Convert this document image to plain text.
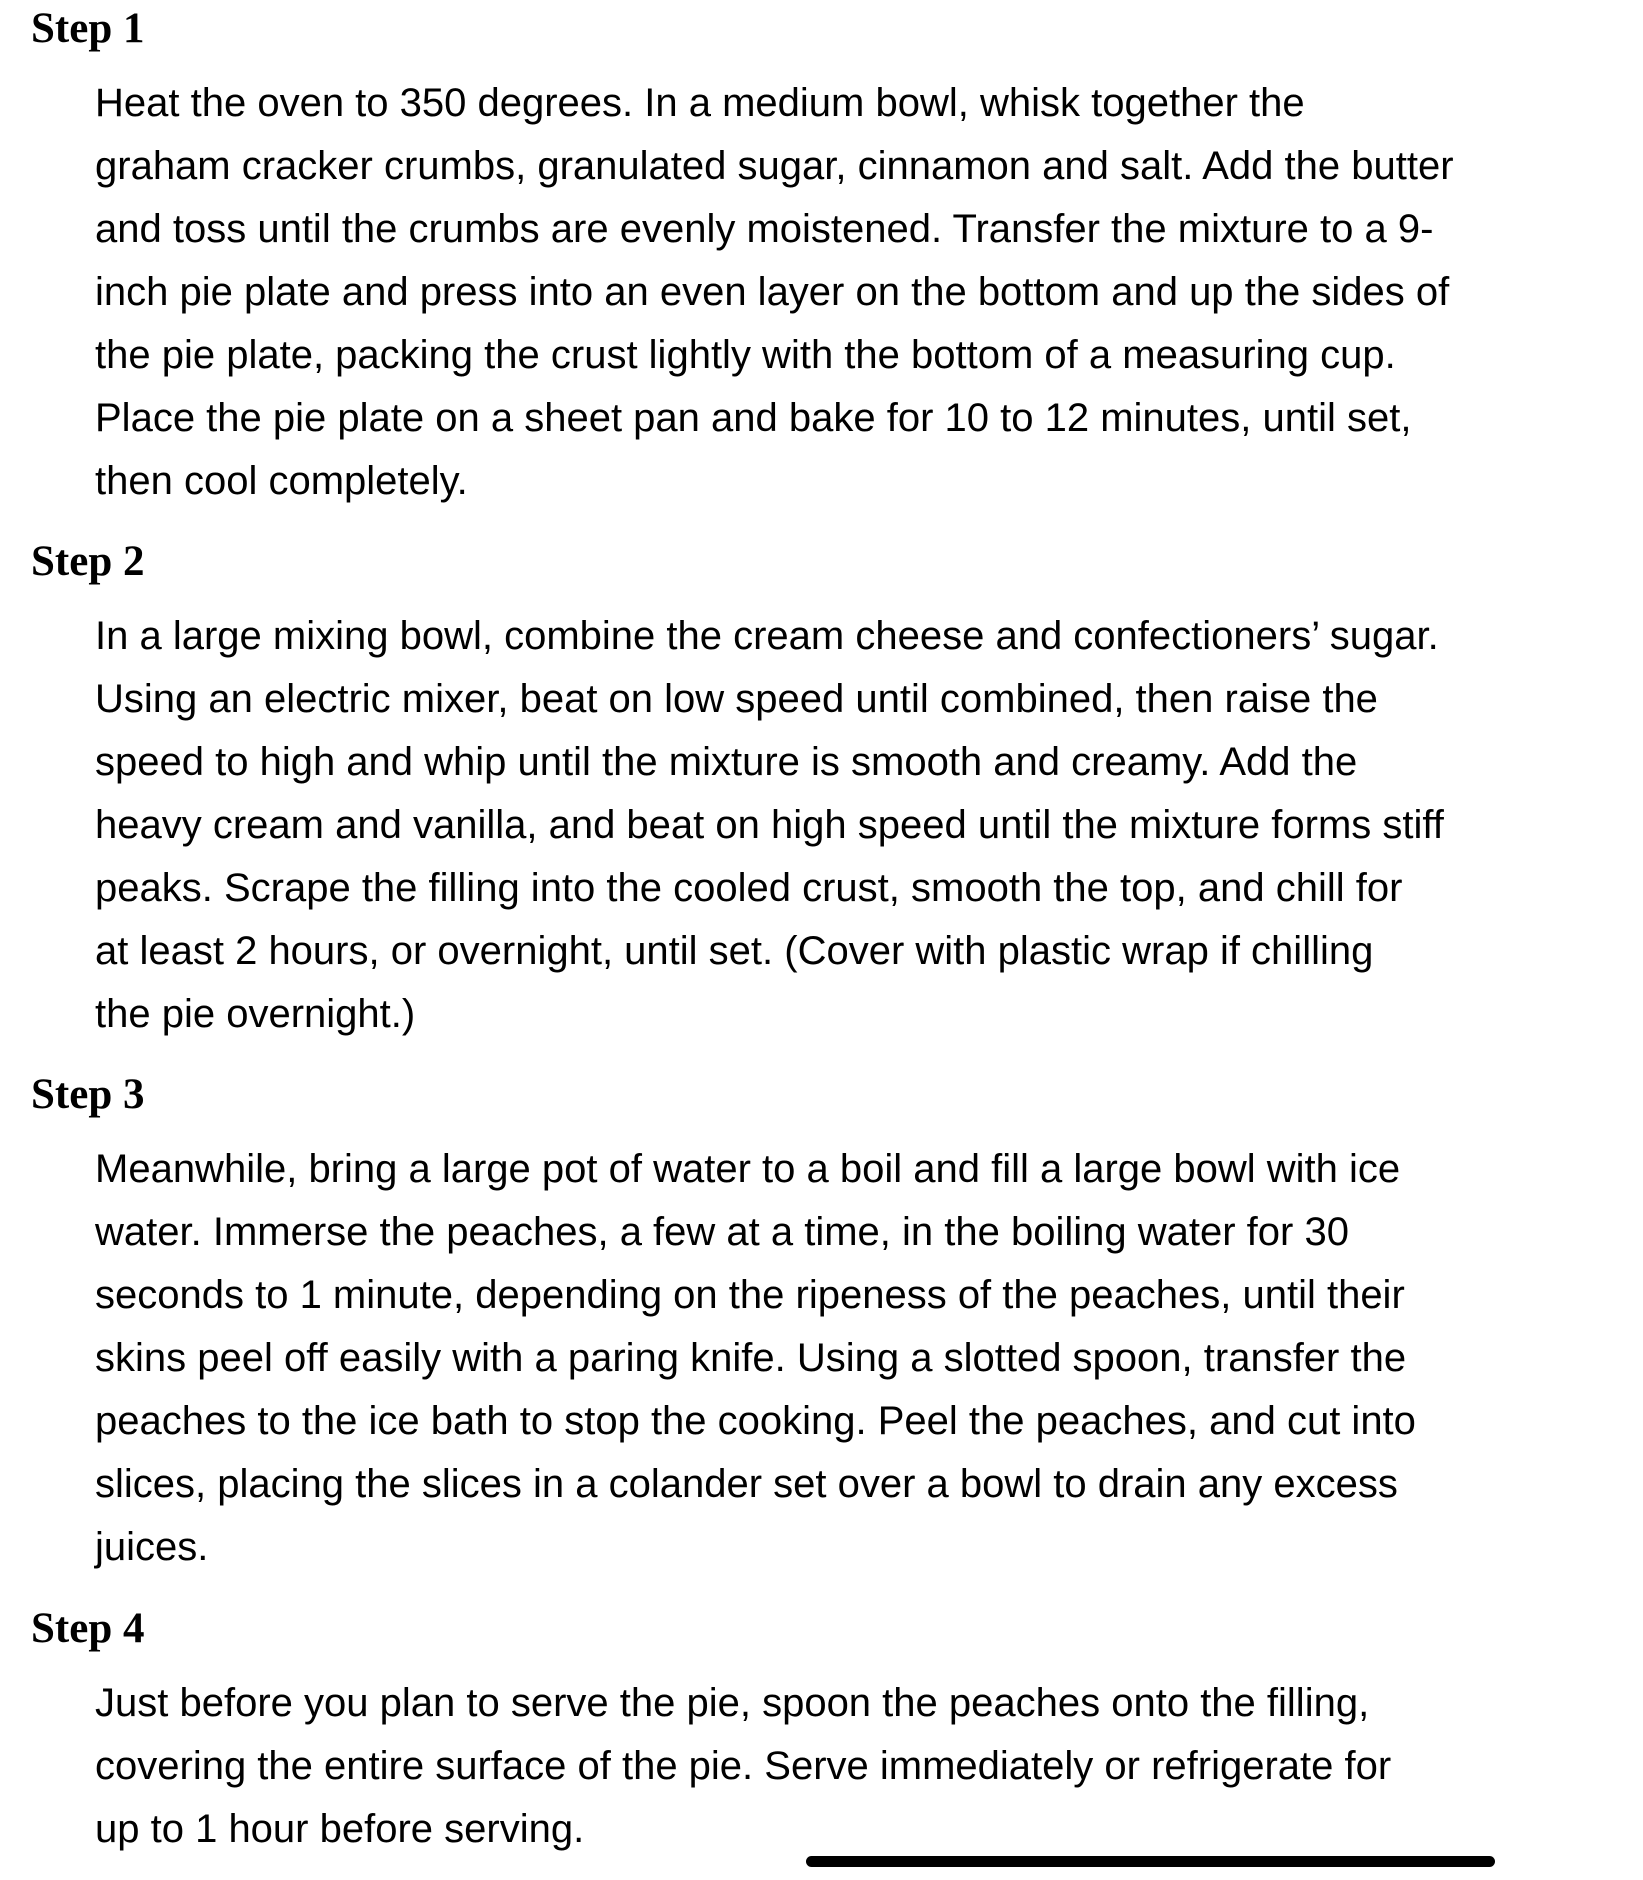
Step 1

Heat the oven to 350 degrees. In a medium bowl, whisk together the
graham cracker crumbs, granulated sugar, cinnamon and salt. Add the butter
and toss until the crumbs are evenly moistened. Transfer the mixture to a 9-
inch pie plate and press into an even layer on the bottom and up the sides of
the pie plate, packing the crust lightly with the bottom of a measuring cup.
Place the pie plate on a sheet pan and bake for 10 to 12 minutes, until set,
then cool completely.

Step 2

In a large mixing bowl, combine the cream cheese and confectioners’ sugar.
Using an electric mixer, beat on low speed until combined, then raise the
speed to high and whip until the mixture is smooth and creamy. Add the
heavy cream and vanilla, and beat on high speed until the mixture forms stiff
peaks. Scrape the filling into the cooled crust, smooth the top, and chill for
at least 2 hours, or overnight, until set. (Cover with plastic wrap if chilling
the pie overnight.)

Step 3

Meanwhile, bring a large pot of water to a boil and fill a large bowl with ice
water. Immerse the peaches, a few at a time, in the boiling water for 30
seconds to 1 minute, depending on the ripeness of the peaches, until their
skins peel off easily with a paring knife. Using a slotted spoon, transfer the
peaches to the ice bath to stop the cooking. Peel the peaches, and cut into
slices, placing the slices in a colander set over a bowl to drain any excess
juices.

Step 4

Just before you plan to serve the pie, spoon the peaches onto the filling,
covering the entire surface of the pie. Serve immediately or refrigerate for
up to 1 hour before serving.
